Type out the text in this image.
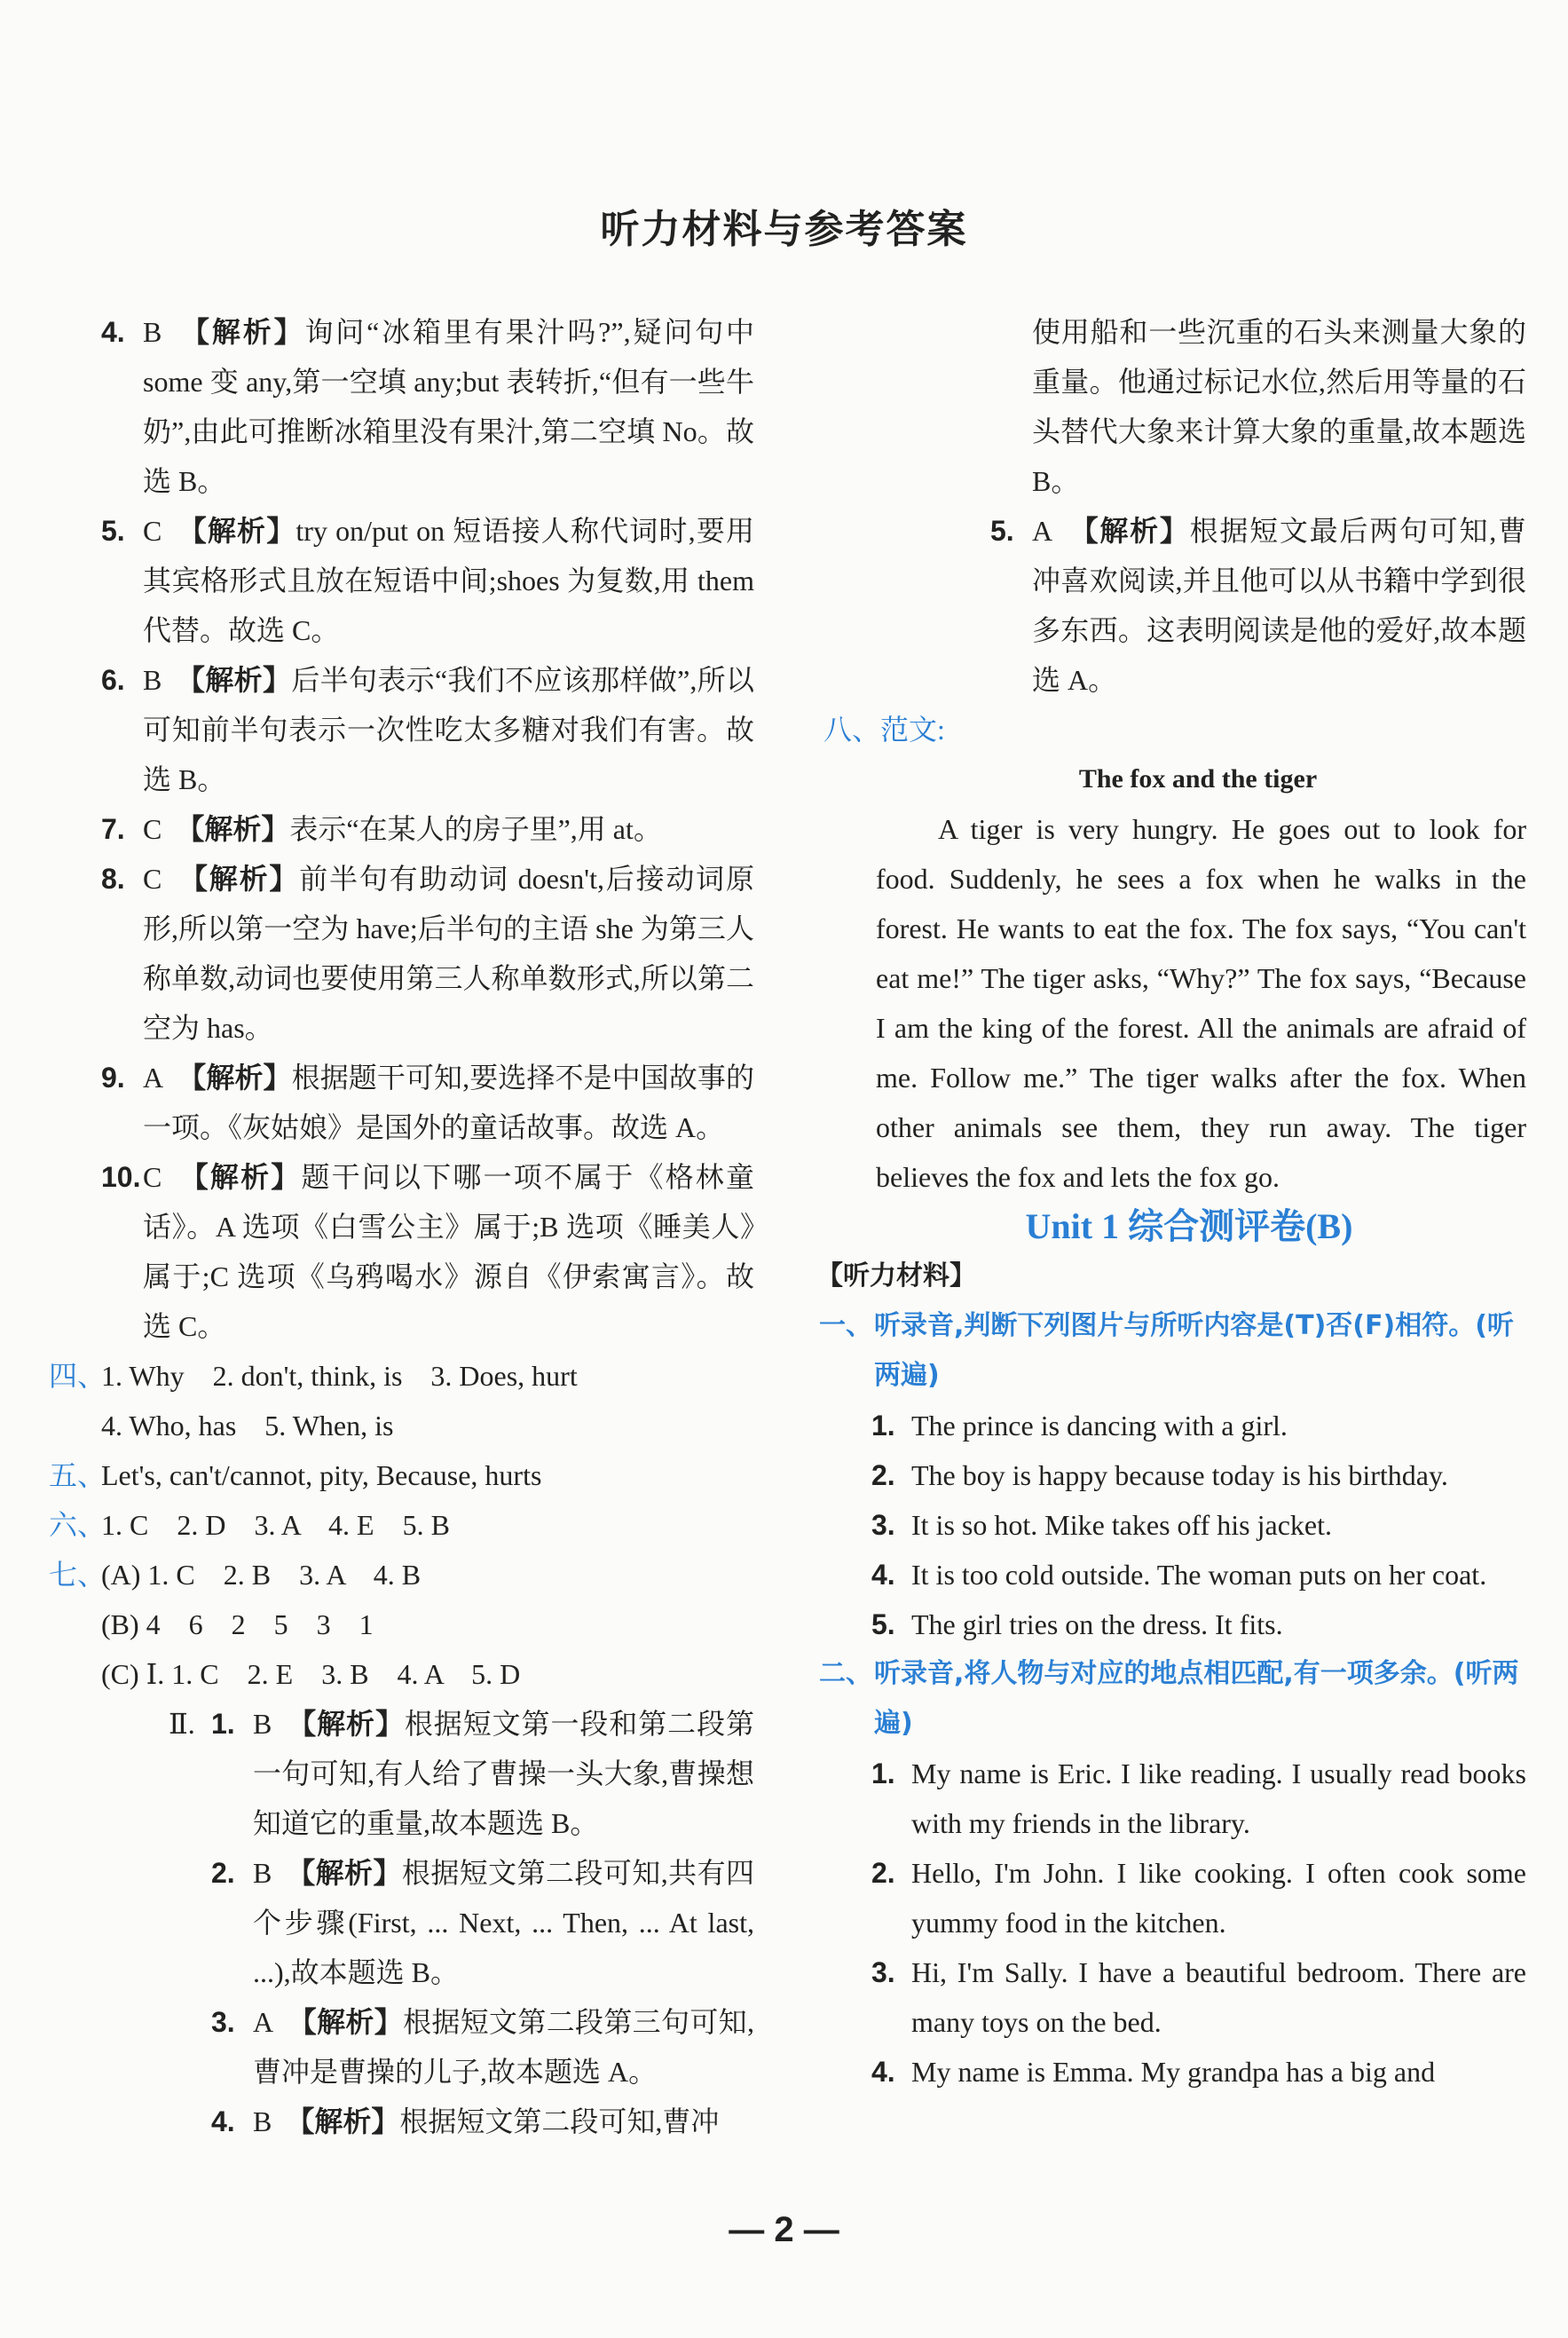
听力材料与参考答案
4. B 【解析】询问“冰箱里有果汁吗?”,疑问句中some 变 any,第一空填 any;but 表转折,“但有一些牛奶”,由此可推断冰箱里没有果汁,第二空填 No。故选 B。
5. C 【解析】try on/put on 短语接人称代词时,要用其宾格形式且放在短语中间;shoes 为复数,用 them 代替。故选 C。
6. B 【解析】后半句表示“我们不应该那样做”,所以可知前半句表示一次性吃太多糖对我们有害。故选 B。
7. C 【解析】表示“在某人的房子里”,用 at。
8. C 【解析】前半句有助动词 doesn't,后接动词原形,所以第一空为 have;后半句的主语 she 为第三人称单数,动词也要使用第三人称单数形式,所以第二空为 has。
9. A 【解析】根据题干可知,要选择不是中国故事的一项。《灰姑娘》是国外的童话故事。故选 A。
10. C 【解析】题干问以下哪一项不属于《格林童话》。A 选项《白雪公主》属于;B 选项《睡美人》属于;C 选项《乌鸦喝水》源自《伊索寓言》。故选 C。
四、
1. Why　2. don't, think, is　3. Does, hurt
4. Who, has　5. When, is
五、
Let's, can't/cannot, pity, Because, hurts
六、
1. C　2. D　3. A　4. E　5. B
七、
(A) 1. C　2. B　3. A　4. B
(B) 4　6　2　5　3　1
(C) Ⅰ. 1. C　2. E　3. B　4. A　5. D
Ⅱ. 1. B 【解析】根据短文第一段和第二段第一句可知,有人给了曹操一头大象,曹操想知道它的重量,故本题选 B。
2. B 【解析】根据短文第二段可知,共有四个步骤(First, ... Next, ... Then, ... At last, ...),故本题选 B。
3. A 【解析】根据短文第二段第三句可知,曹冲是曹操的儿子,故本题选 A。
4. B 【解析】根据短文第二段可知,曹冲
使用船和一些沉重的石头来测量大象的重量。他通过标记水位,然后用等量的石头替代大象来计算大象的重量,故本题选 B。
5. A 【解析】根据短文最后两句可知,曹冲喜欢阅读,并且他可以从书籍中学到很多东西。这表明阅读是他的爱好,故本题选 A。
八、范文:
The fox and the tiger
A tiger is very hungry. He goes out to look for food. Suddenly, he sees a fox when he walks in the forest. He wants to eat the fox. The fox says, “You can't eat me!” The tiger asks, “Why?” The fox says, “Because I am the king of the forest. All the animals are afraid of me. Follow me.” The tiger walks after the fox. When other animals see them, they run away. The tiger believes the fox and lets the fox go.
Unit 1 综合测评卷(B)
【听力材料】
一、 听录音,判断下列图片与所听内容是(T)否(F)相符。(听两遍)
1. The prince is dancing with a girl.
2. The boy is happy because today is his birthday.
3. It is so hot. Mike takes off his jacket.
4. It is too cold outside. The woman puts on her coat.
5. The girl tries on the dress. It fits.
二、 听录音,将人物与对应的地点相匹配,有一项多余。(听两遍)
1. My name is Eric. I like reading. I usually read books with my friends in the library.
2. Hello, I'm John. I like cooking. I often cook some yummy food in the kitchen.
3. Hi, I'm Sally. I have a beautiful bedroom. There are many toys on the bed.
4. My name is Emma. My grandpa has a big and
— 2 —
